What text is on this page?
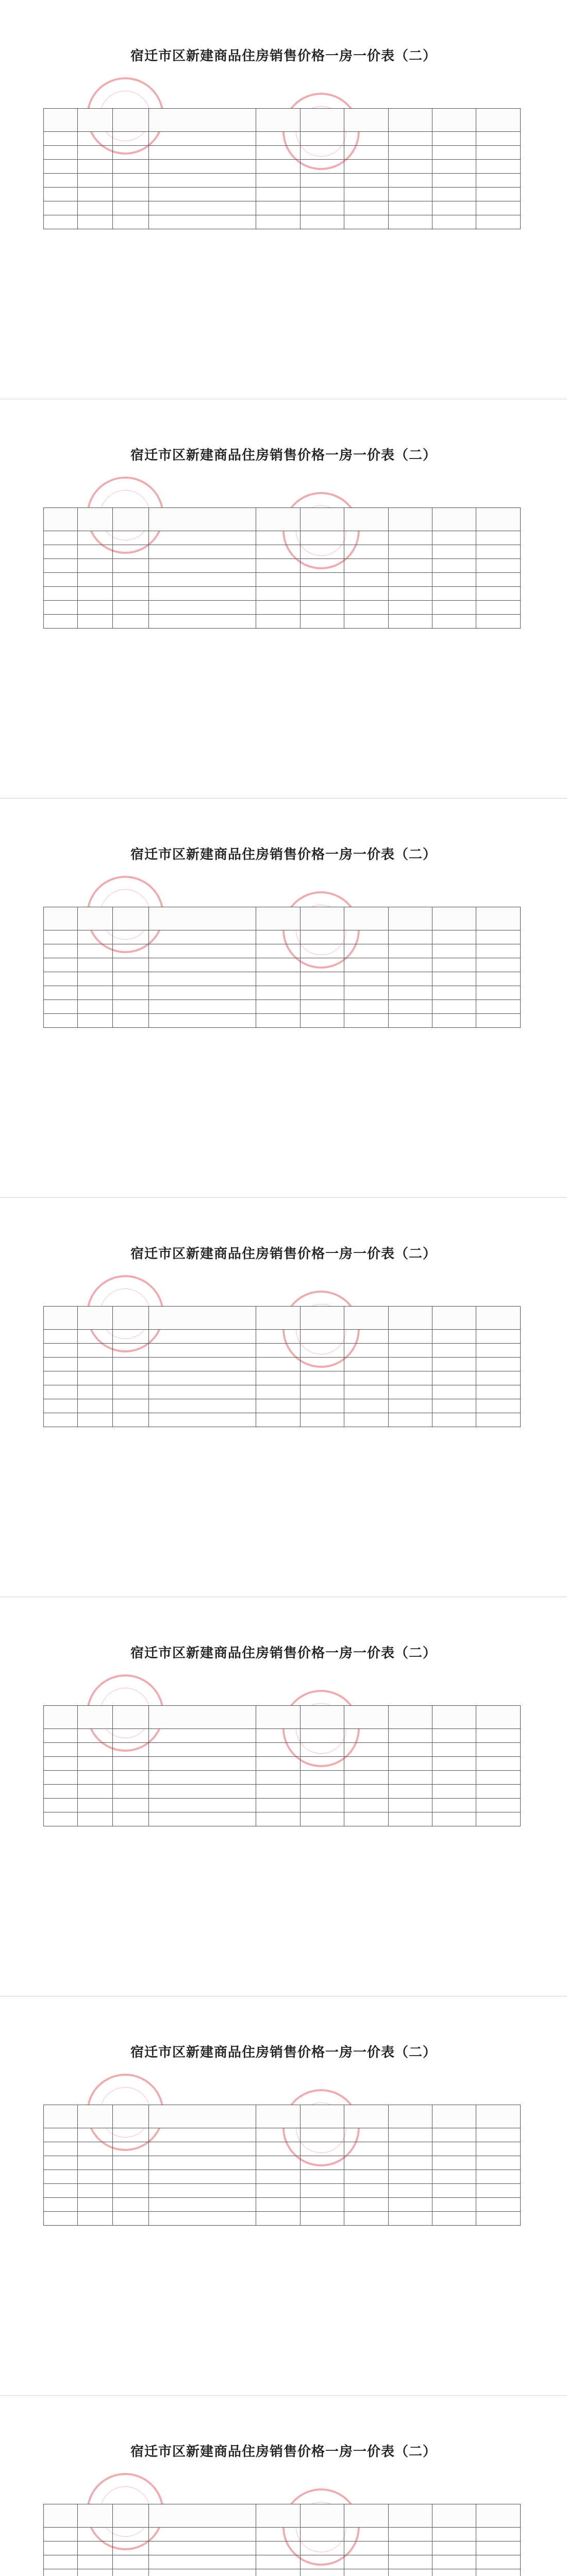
宿迁市区新建商品住房销售价格一房一价表（二）

宿迁市区新建商品住房销售价格一房一价表（二）

宿迁市区新建商品住房销售价格一房一价表（二）

宿迁市区新建商品住房销售价格一房一价表（二）

宿迁市区新建商品住房销售价格一房一价表（二）

宿迁市区新建商品住房销售价格一房一价表（二）

宿迁市区新建商品住房销售价格一房一价表（二）
